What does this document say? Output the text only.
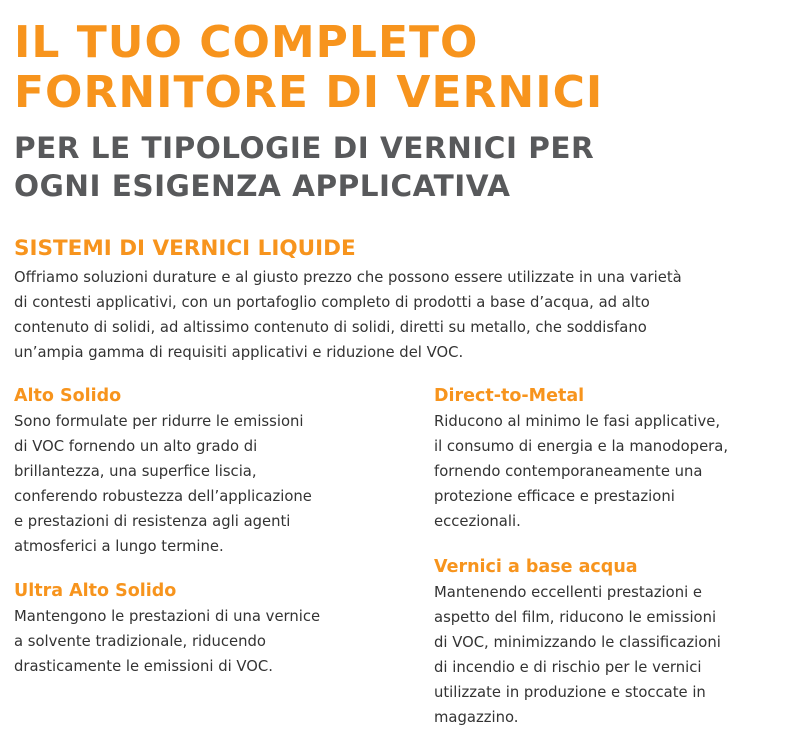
IL TUO COMPLETO
FORNITORE DI VERNICI
PER LE TIPOLOGIE DI VERNICI PER
OGNI ESIGENZA APPLICATIVA
SISTEMI DI VERNICI LIQUIDE
Offriamo soluzioni durature e al giusto prezzo che possono essere utilizzate in una varietà
di contesti applicativi, con un portafoglio completo di prodotti a base d’acqua, ad alto
contenuto di solidi, ad altissimo contenuto di solidi, diretti su metallo, che soddisfano
un’ampia gamma di requisiti applicativi e riduzione del VOC.
Alto Solido
Sono formulate per ridurre le emissioni
di VOC fornendo un alto grado di
brillantezza, una superfice liscia,
conferendo robustezza dell’applicazione
e prestazioni di resistenza agli agenti
atmosferici a lungo termine.
Ultra Alto Solido
Mantengono le prestazioni di una vernice
a solvente tradizionale, riducendo
drasticamente le emissioni di VOC.
Direct-to-Metal
Riducono al minimo le fasi applicative,
il consumo di energia e la manodopera,
fornendo contemporaneamente una
protezione efficace e prestazioni
eccezionali.
Vernici a base acqua
Mantenendo eccellenti prestazioni e
aspetto del film, riducono le emissioni
di VOC, minimizzando le classificazioni
di incendio e di rischio per le vernici
utilizzate in produzione e stoccate in
magazzino.
